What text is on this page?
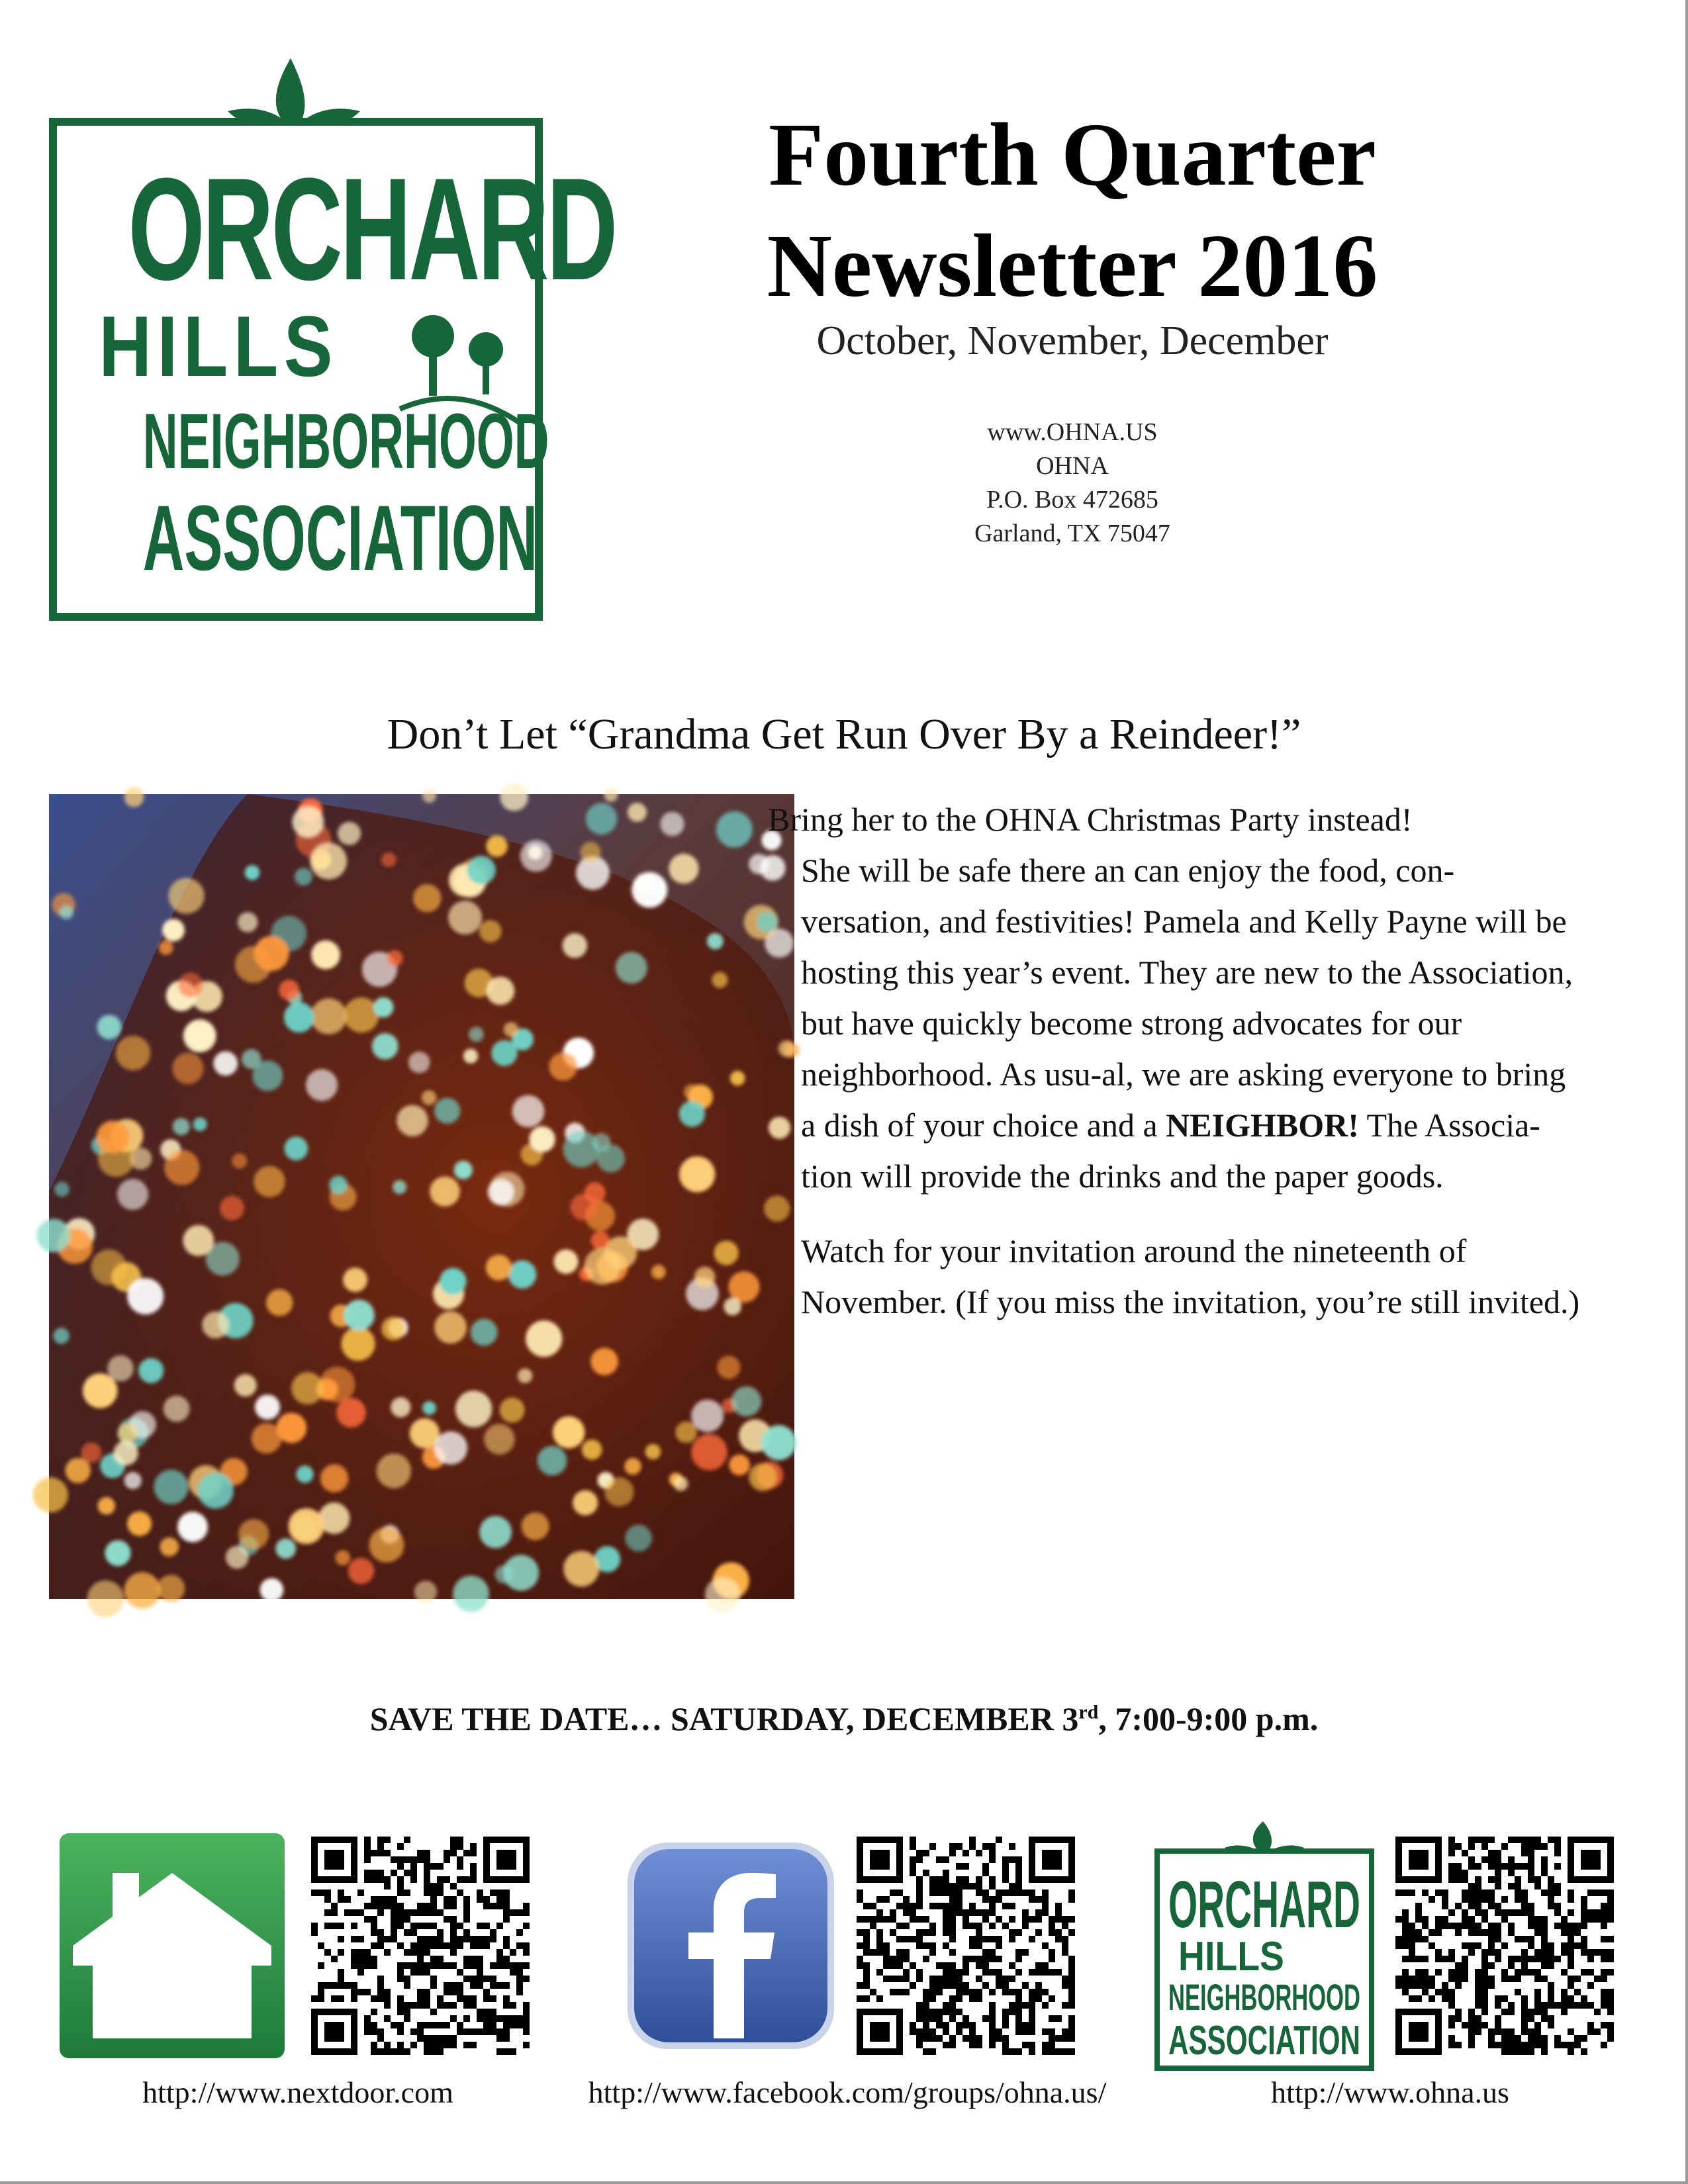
ORCHARD
HILLS
NEIGHBORHOOD
ASSOCIATION
Fourth Quarter
Newsletter 2016
October, November, December
www.OHNA.US
OHNA
P.O. Box 472685
Garland, TX 75047
Don’t Let “Grandma Get Run Over By a Reindeer!”

Bring her to the OHNA Christmas Party instead!
She will be safe there an can enjoy the food, con-versation, and festivities! Pamela and Kelly Payne will be hosting this year’s event. They are new to the Association, but have quickly become strong advocates for our neighborhood. As usu-al, we are asking everyone to bring a dish of your choice and a NEIGHBOR! The Associa-tion will provide the drinks and the paper goods.

Watch for your invitation around the nineteenth of November. (If you miss the invitation, you’re still invited.)

SAVE THE DATE… SATURDAY, DECEMBER 3rd, 7:00-9:00 p.m.
http://www.nextdoor.com	http://www.facebook.com/groups/ohna.us/
ORCHARD
HILLS
NEIGHBORHOOD
ASSOCIATION
http://www.ohna.us
